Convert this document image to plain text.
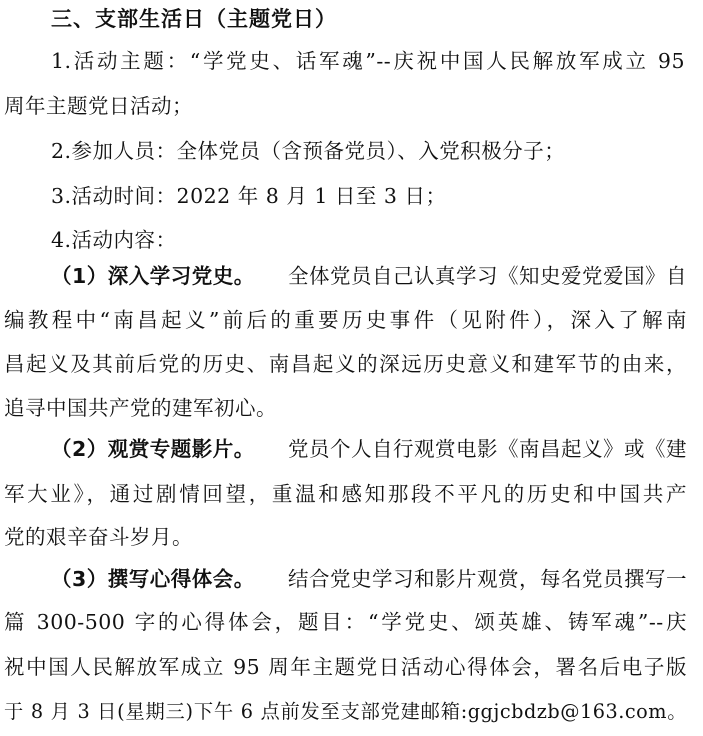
三、支部生活日（主题党日）
1.活动主题：“学党史、话军魂”--庆祝中国人民解放军成立 95
周年主题党日活动；
2.参加人员：全体党员（含预备党员）、入党积极分子；
3.活动时间：2022 年 8 月 1 日至 3 日；
4.活动内容：
（1）深入学习党史。 全体党员自己认真学习《知史爱党爱国》自
编教程中“南昌起义”前后的重要历史事件（见附件），深入了解南
昌起义及其前后党的历史、南昌起义的深远历史意义和建军节的由来，
追寻中国共产党的建军初心。
（2）观赏专题影片。 党员个人自行观赏电影《南昌起义》或《建
军大业》，通过剧情回望，重温和感知那段不平凡的历史和中国共产
党的艰辛奋斗岁月。
（3）撰写心得体会。 结合党史学习和影片观赏，每名党员撰写一
篇 300-500 字的心得体会，题目：“学党史、颂英雄、铸军魂”--庆
祝中国人民解放军成立 95 周年主题党日活动心得体会，署名后电子版
于 8 月 3 日(星期三)下午 6 点前发至支部党建邮箱:ggjcbdzb@163.com。
